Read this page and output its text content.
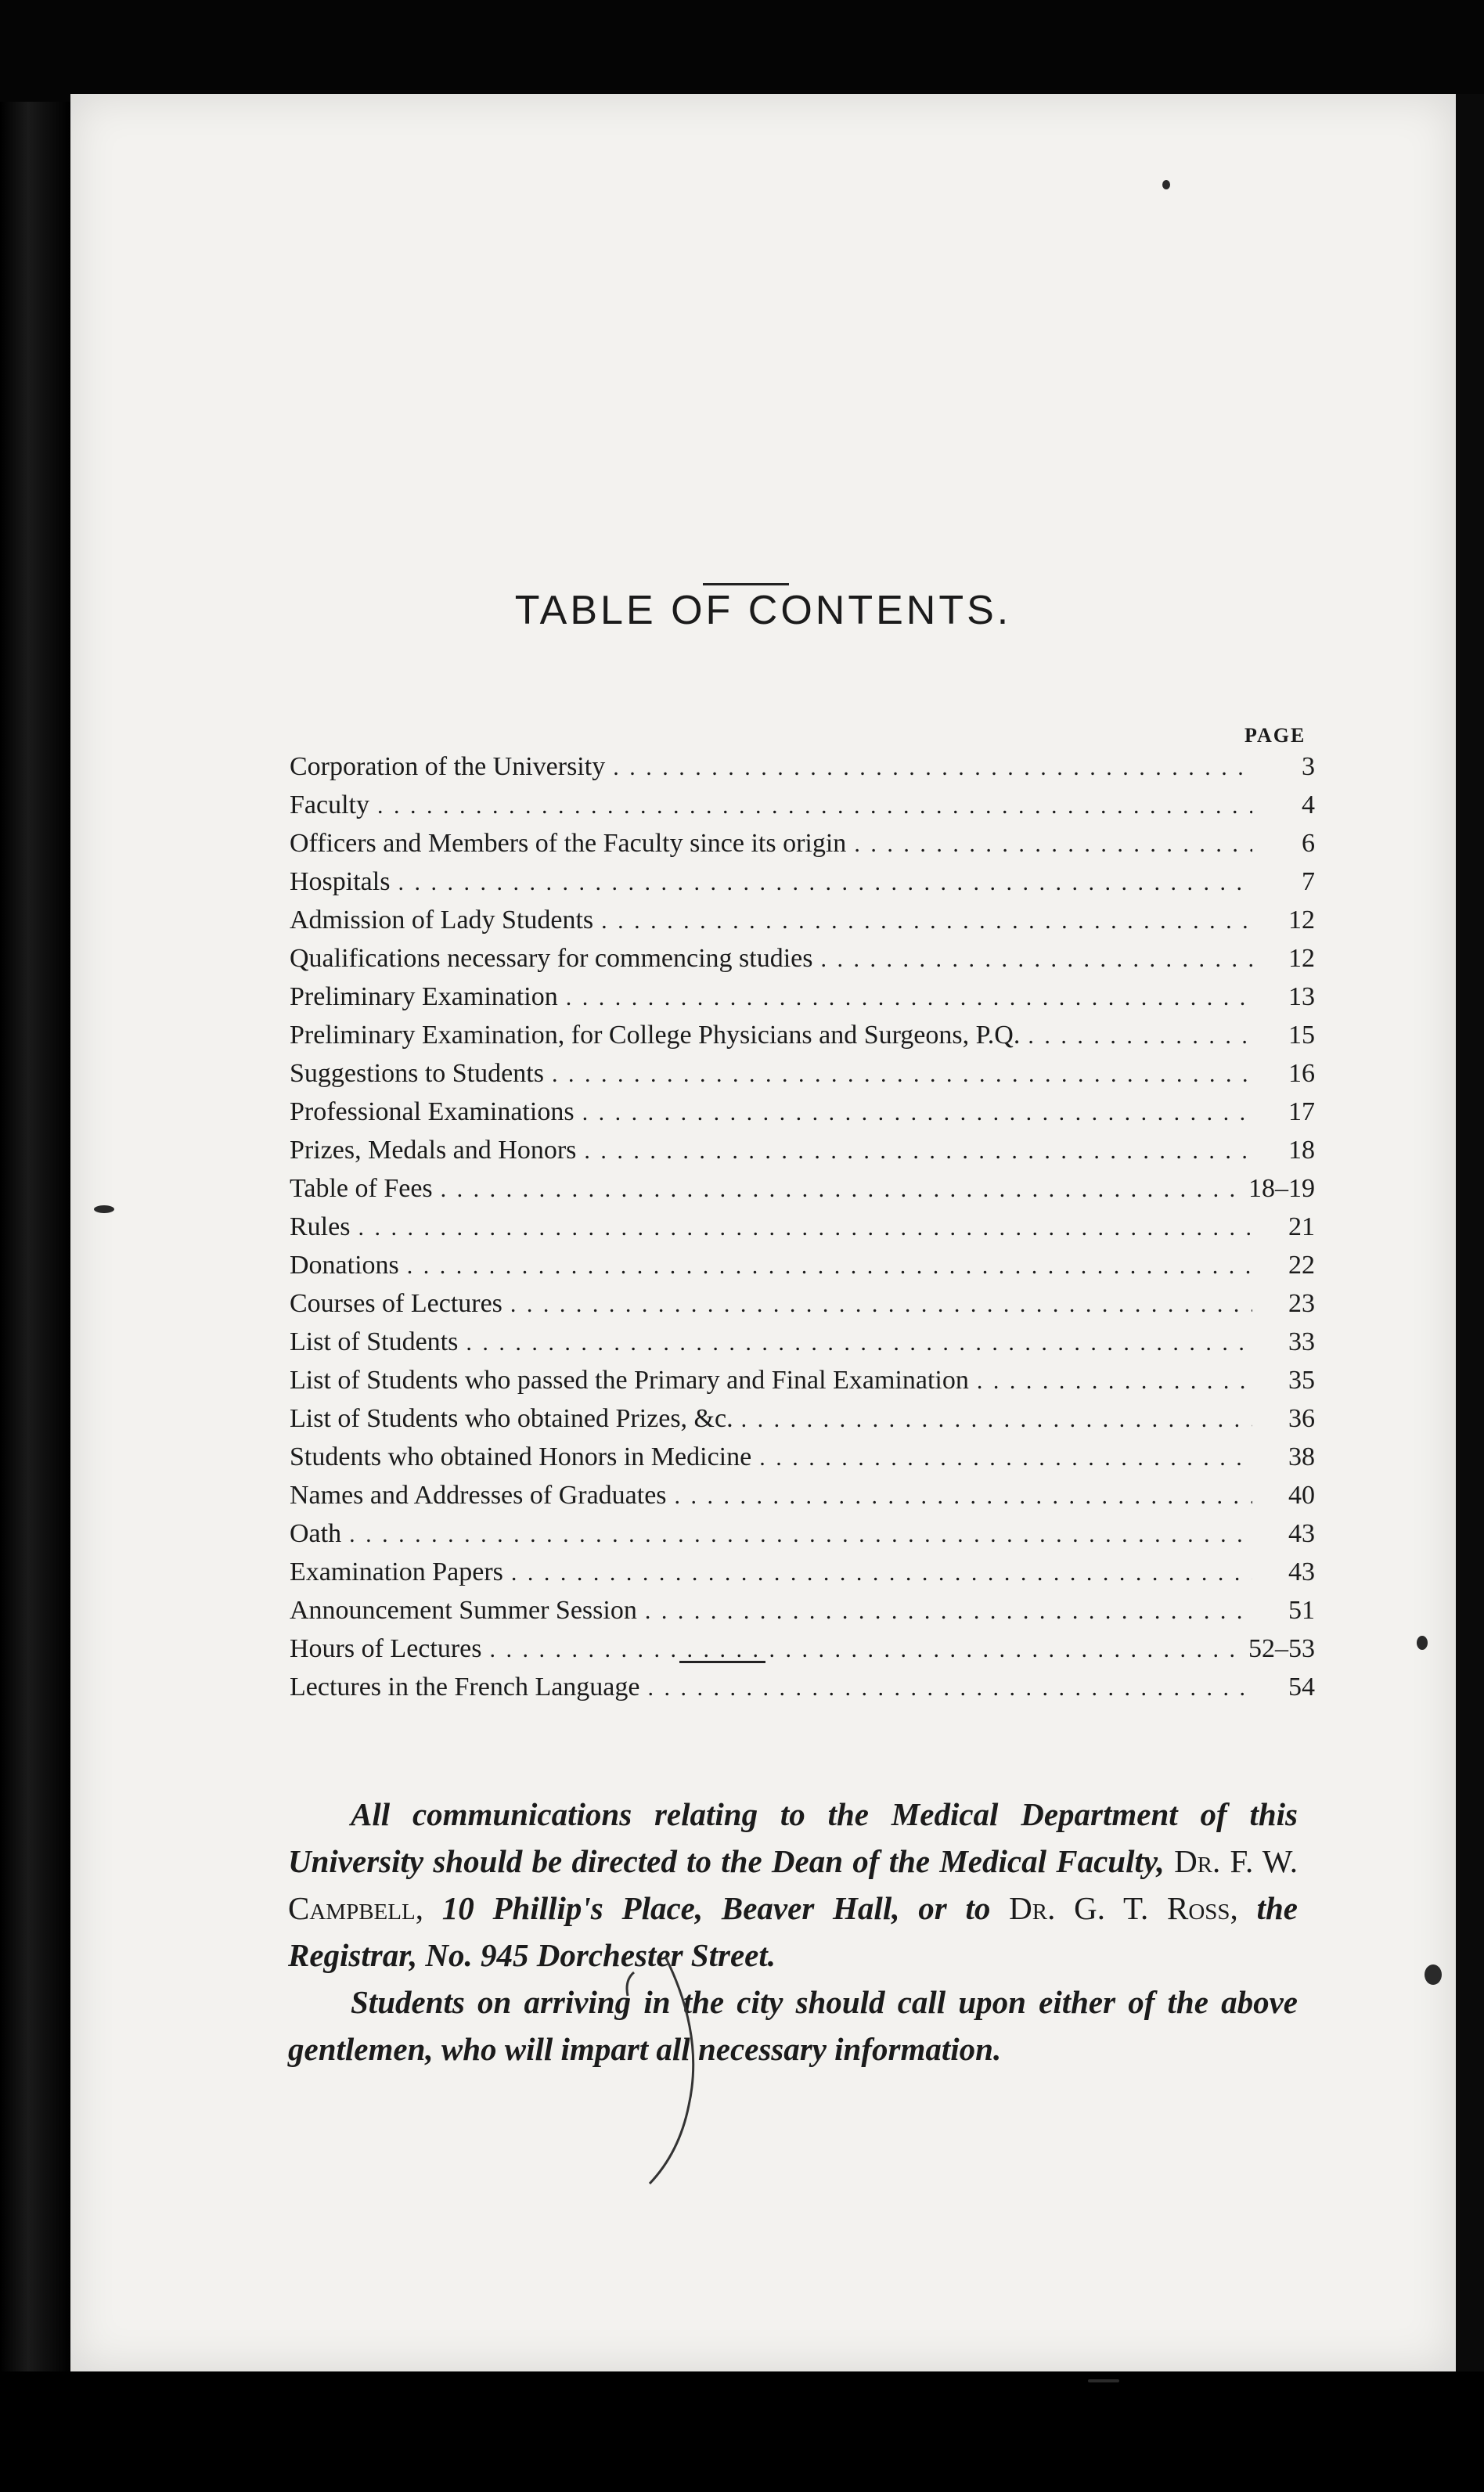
TABLE OF CONTENTS.
PAGE
Corporation of the University . . .	3
Faculty . . .	4
Officers and Members of the Faculty since its origin . . .	6
Hospitals . . .	7
Admission of Lady Students . . .	12
Qualifications necessary for commencing studies . . .	12
Preliminary Examination . . .	13
Preliminary Examination, for College Physicians and Surgeons, P.Q. . . .	15
Suggestions to Students . . .	16
Professional Examinations . . .	17
Prizes, Medals and Honors . . .	18
Table of Fees . . .	18–19
Rules . . .	21
Donations . . .	22
Courses of Lectures . . .	23
List of Students . . .	33
List of Students who passed the Primary and Final Examination . . .	35
List of Students who obtained Prizes, &c. . . .	36
Students who obtained Honors in Medicine . . .	38
Names and Addresses of Graduates . . .	40
Oath . . .	43
Examination Papers . . .	43
Announcement Summer Session . . .	51
Hours of Lectures . . .	52–53
Lectures in the French Language . . .	54

All communications relating to the Medical Department of this University should be directed to the Dean of the Medical Faculty, Dr. F. W. Campbell, 10 Phillip's Place, Beaver Hall, or to Dr. G. T. Ross, the Registrar, No. 945 Dorchester Street.

Students on arriving in the city should call upon either of the above gentlemen, who will impart all necessary information.
